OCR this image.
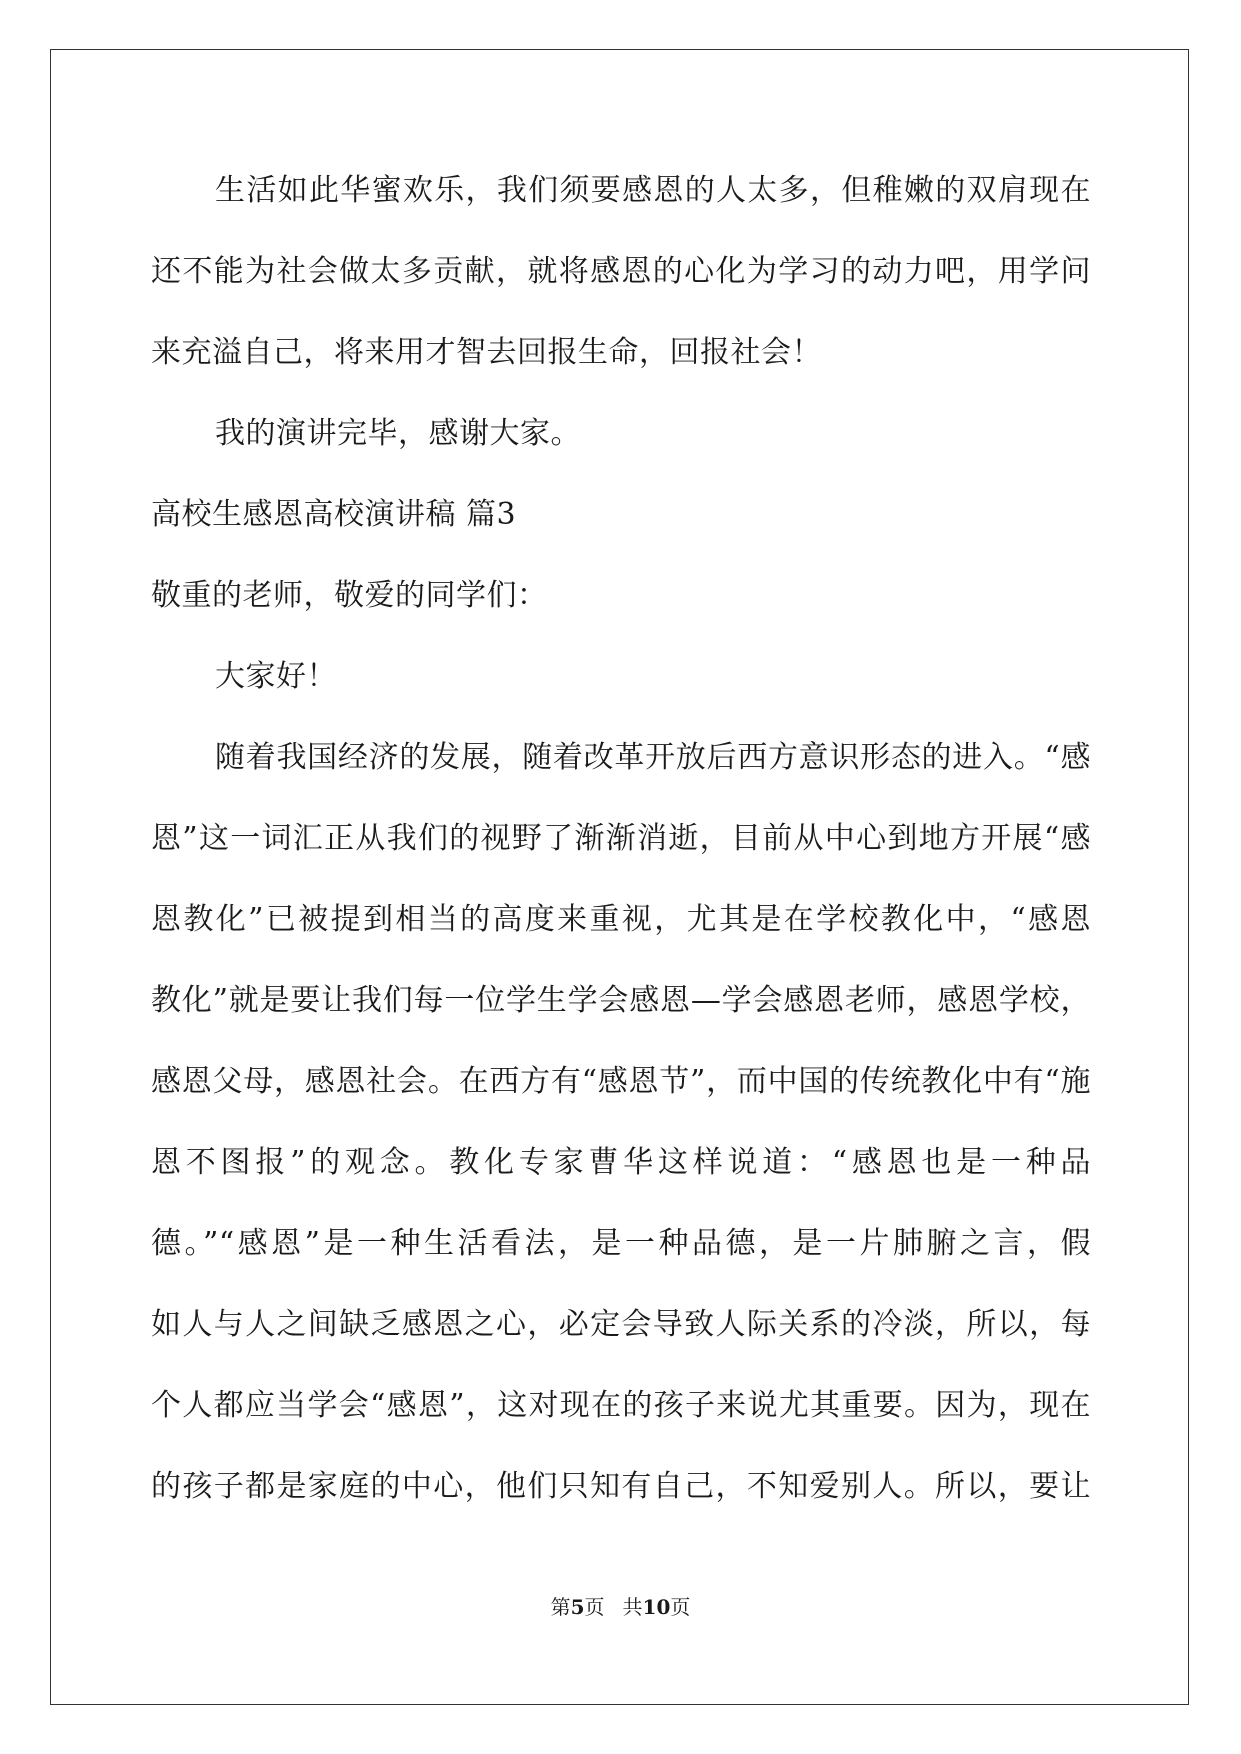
生活如此华蜜欢乐，我们须要感恩的人太多，但稚嫩的双肩现在
还不能为社会做太多贡献，就将感恩的心化为学习的动力吧，用学问
来充溢自己，将来用才智去回报生命，回报社会！
我的演讲完毕，感谢大家。
高校生感恩高校演讲稿 篇3
敬重的老师，敬爱的同学们：
大家好！
随着我国经济的发展，随着改革开放后西方意识形态的进入。“感
恩”这一词汇正从我们的视野了渐渐消逝，目前从中心到地方开展“感
恩教化”已被提到相当的高度来重视，尤其是在学校教化中，“感恩
教化”就是要让我们每一位学生学会感恩—学会感恩老师，感恩学校，
感恩父母，感恩社会。在西方有“感恩节”，而中国的传统教化中有“施
恩不图报”的观念。教化专家曹华这样说道：“感恩也是一种品
德。”“感恩”是一种生活看法，是一种品德，是一片肺腑之言，假
如人与人之间缺乏感恩之心，必定会导致人际关系的冷淡，所以，每
个人都应当学会“感恩”，这对现在的孩子来说尤其重要。因为，现在
的孩子都是家庭的中心，他们只知有自己，不知爱别人。所以，要让
第5页 共10页
